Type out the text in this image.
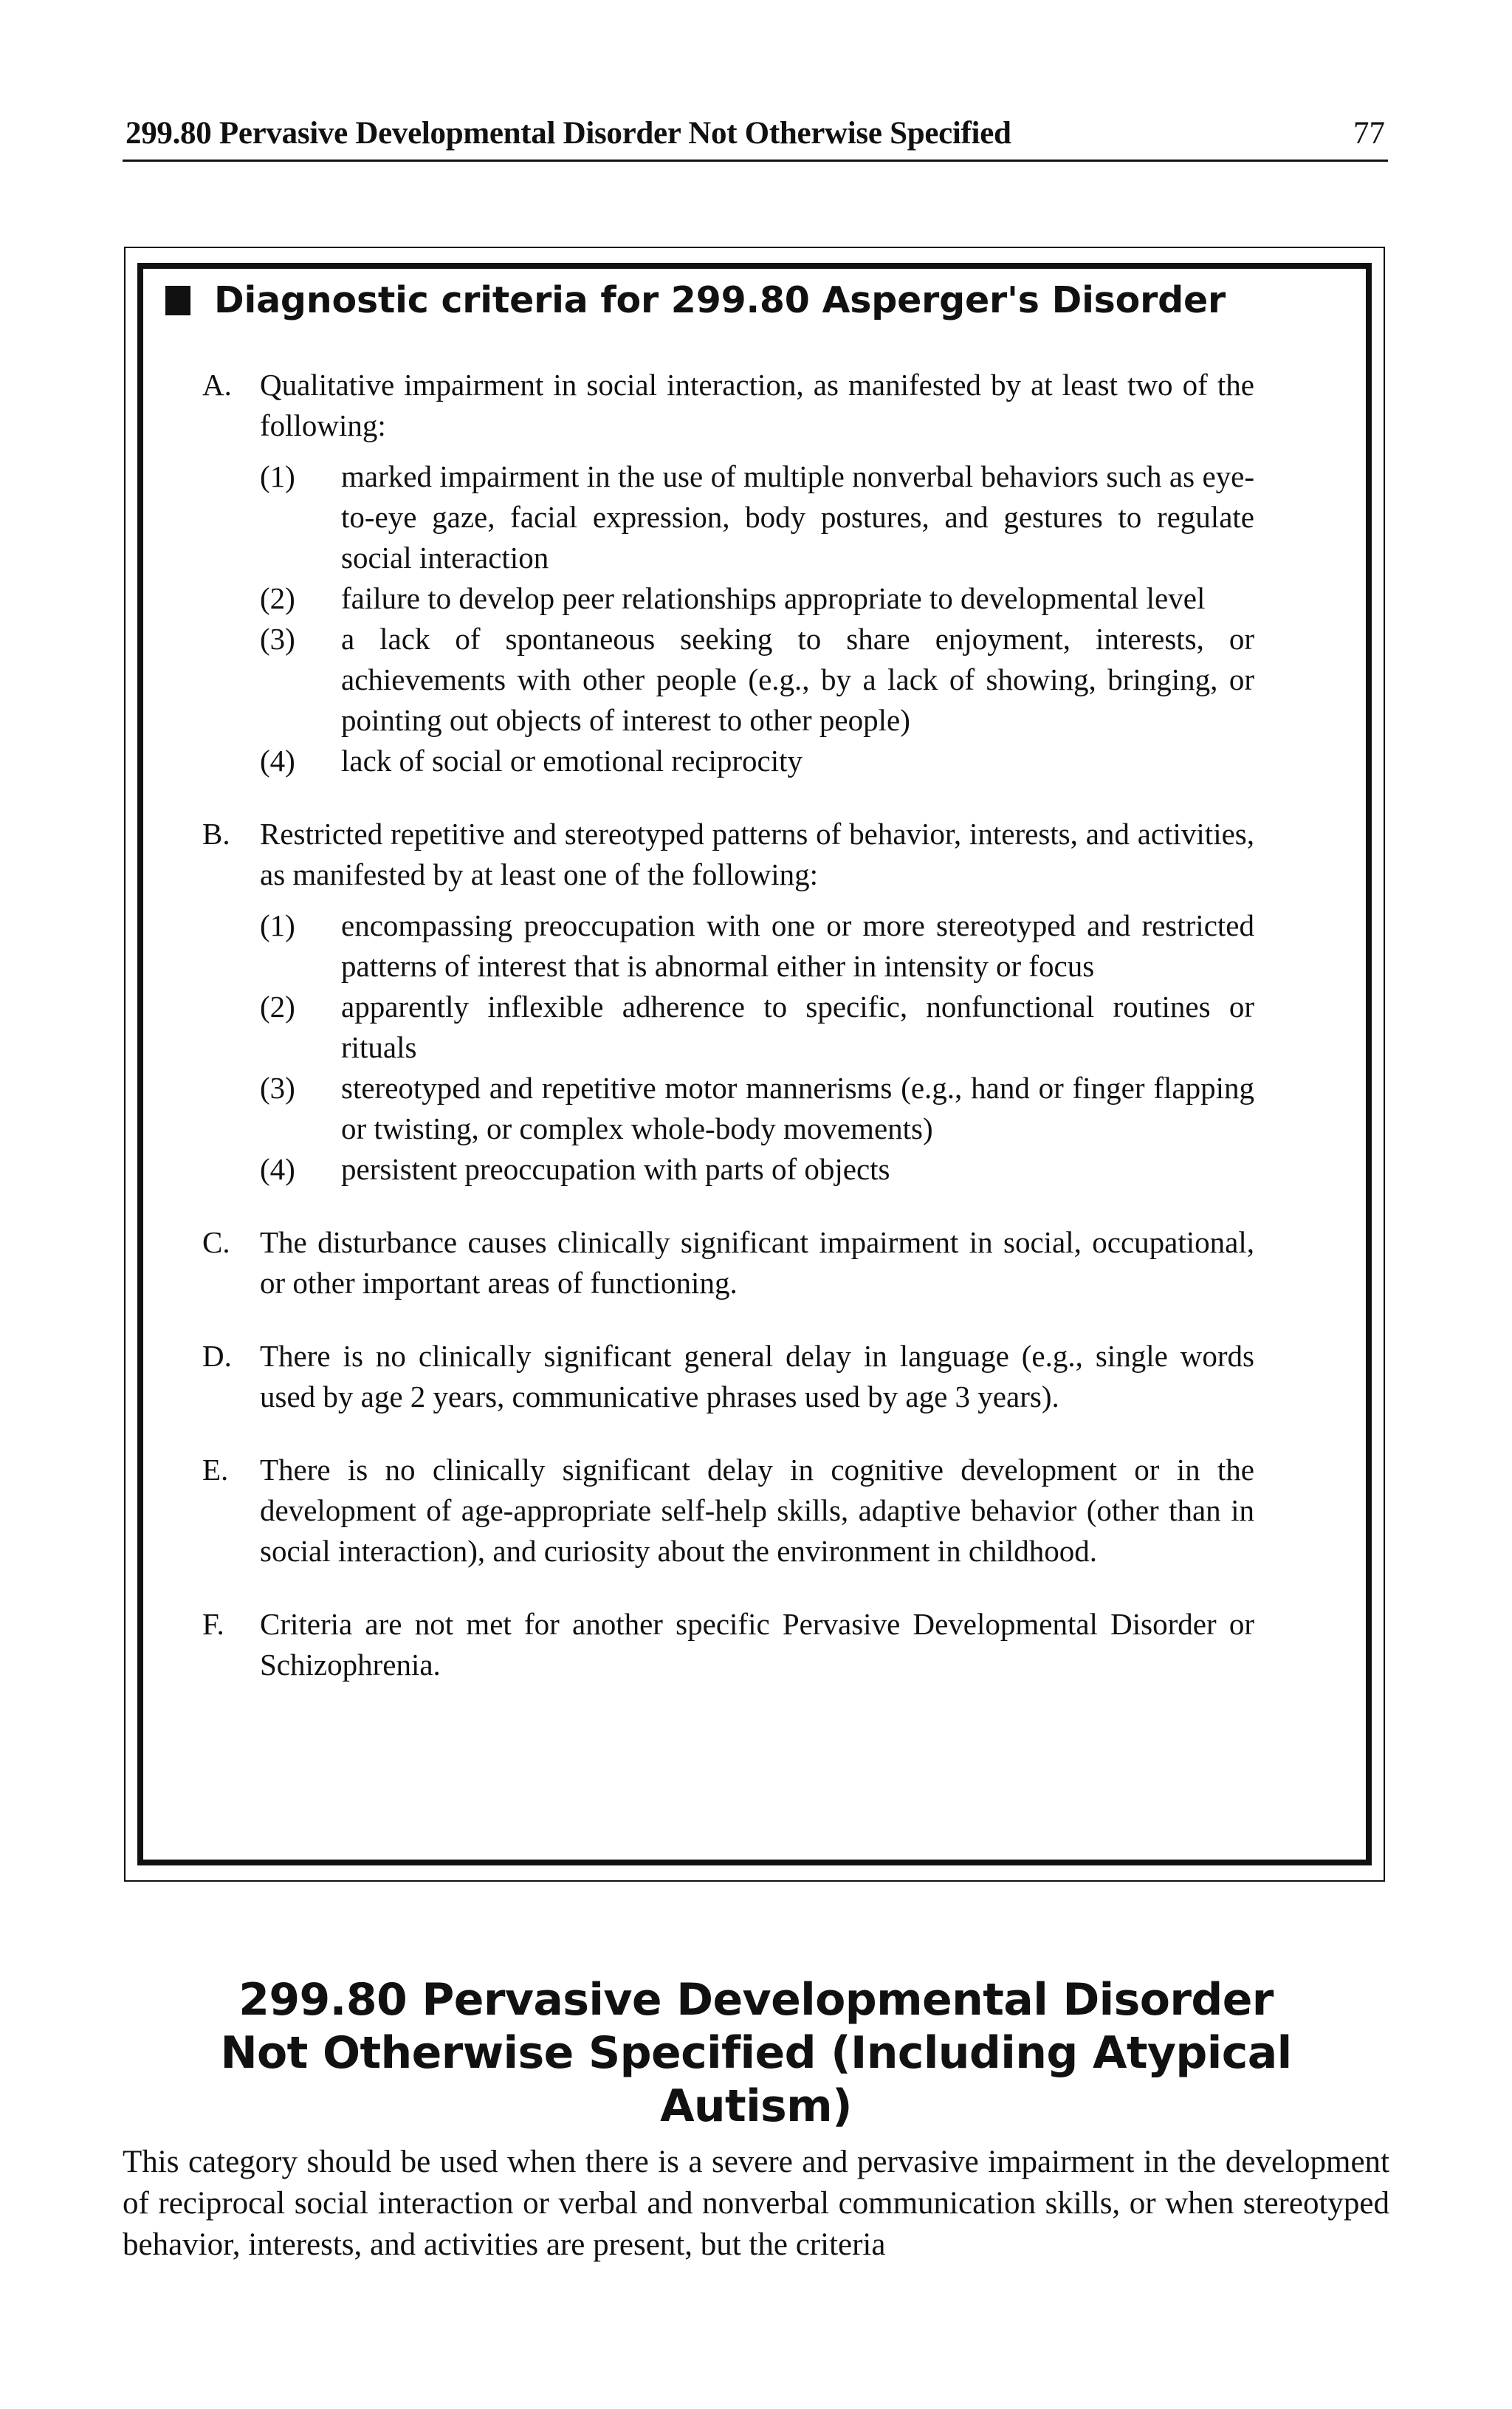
299.80 Pervasive Developmental Disorder Not Otherwise Specified	77
Diagnostic criteria for 299.80 Asperger's Disorder
A. Qualitative impairment in social interaction, as manifested by at least two of the following:
(1) marked impairment in the use of multiple nonverbal behaviors such as eye-to-eye gaze, facial expression, body postures, and gestures to regulate social interaction
(2) failure to develop peer relationships appropriate to developmental level
(3) a lack of spontaneous seeking to share enjoyment, interests, or achievements with other people (e.g., by a lack of showing, bringing, or pointing out objects of interest to other people)
(4) lack of social or emotional reciprocity
B. Restricted repetitive and stereotyped patterns of behavior, interests, and activities, as manifested by at least one of the following:
(1) encompassing preoccupation with one or more stereotyped and restricted patterns of interest that is abnormal either in intensity or focus
(2) apparently inflexible adherence to specific, nonfunctional routines or rituals
(3) stereotyped and repetitive motor mannerisms (e.g., hand or finger flapping or twisting, or complex whole-body movements)
(4) persistent preoccupation with parts of objects
C. The disturbance causes clinically significant impairment in social, occupational, or other important areas of functioning.
D. There is no clinically significant general delay in language (e.g., single words used by age 2 years, communicative phrases used by age 3 years).
E. There is no clinically significant delay in cognitive development or in the development of age-appropriate self-help skills, adaptive behavior (other than in social interaction), and curiosity about the environment in childhood.
F. Criteria are not met for another specific Pervasive Developmental Disorder or Schizophrenia.
299.80 Pervasive Developmental Disorder
Not Otherwise Specified (Including Atypical Autism)
This category should be used when there is a severe and pervasive impairment in the development of reciprocal social interaction or verbal and nonverbal communication skills, or when stereotyped behavior, interests, and activities are present, but the criteria
